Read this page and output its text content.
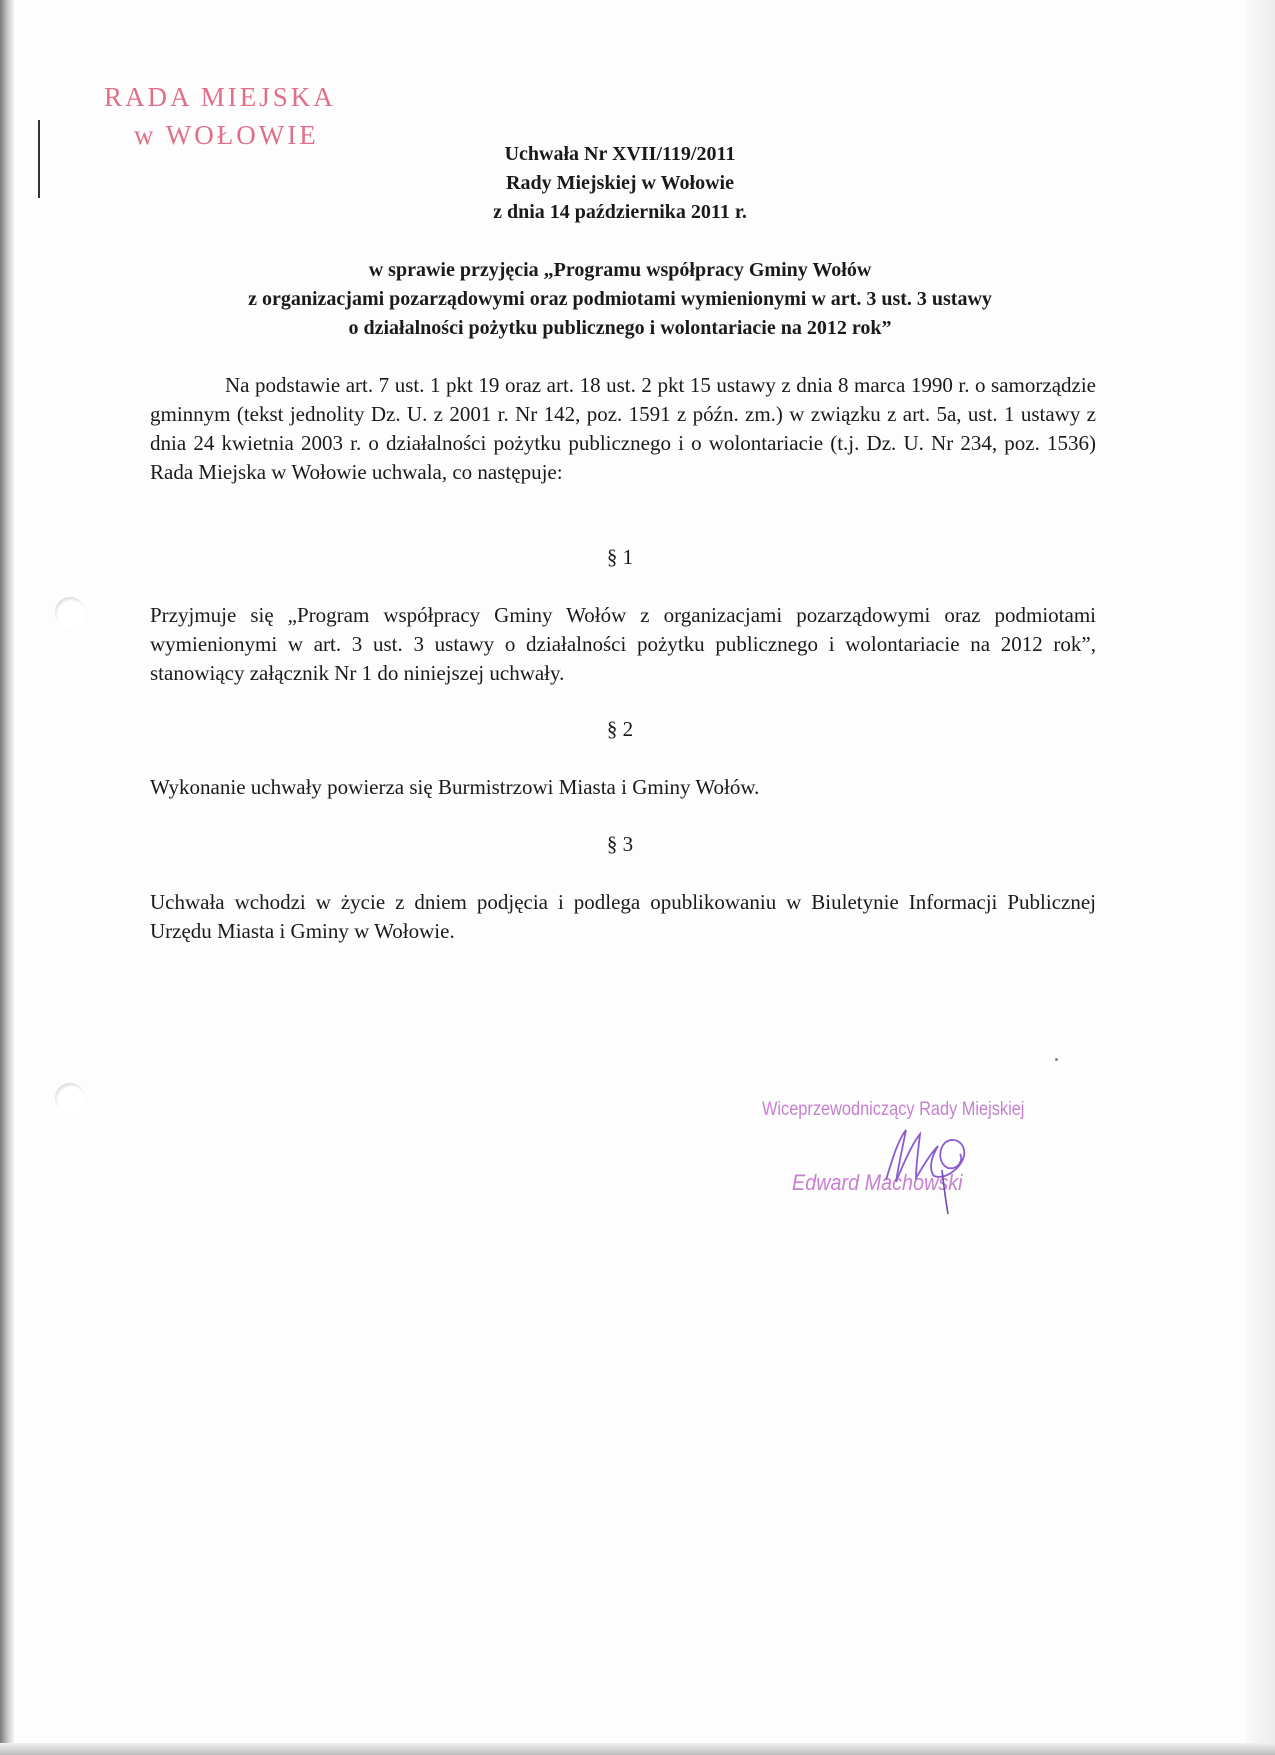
RADA MIEJSKA
w WOŁOWIE
Uchwała Nr XVII/119/2011
Rady Miejskiej w Wołowie
z dnia 14 października 2011 r.
w sprawie przyjęcia „Programu współpracy Gminy Wołów
z organizacjami pozarządowymi oraz podmiotami wymienionymi w art. 3 ust. 3 ustawy
o działalności pożytku publicznego i wolontariacie na 2012 rok”
Na podstawie art. 7 ust. 1 pkt 19 oraz art. 18 ust. 2 pkt 15 ustawy z dnia 8 marca 1990 r. o samorządzie gminnym (tekst jednolity Dz. U. z 2001 r. Nr 142, poz. 1591 z późn. zm.) w związku z art. 5a, ust. 1 ustawy z dnia 24 kwietnia 2003 r. o działalności pożytku publicznego i o wolontariacie (t.j. Dz. U. Nr 234, poz. 1536) Rada Miejska w Wołowie uchwala, co następuje:
§ 1
Przyjmuje się „Program współpracy Gminy Wołów z organizacjami pozarządowymi oraz podmiotami wymienionymi w art. 3 ust. 3 ustawy o działalności pożytku publicznego i wolontariacie na 2012 rok”, stanowiący załącznik Nr 1 do niniejszej uchwały.
§ 2
Wykonanie uchwały powierza się Burmistrzowi Miasta i Gminy Wołów.
§ 3
Uchwała wchodzi w życie z dniem podjęcia i podlega opublikowaniu w Biuletynie Informacji Publicznej Urzędu Miasta i Gminy w Wołowie.
Wiceprzewodniczący Rady Miejskiej
Edward Machowski
